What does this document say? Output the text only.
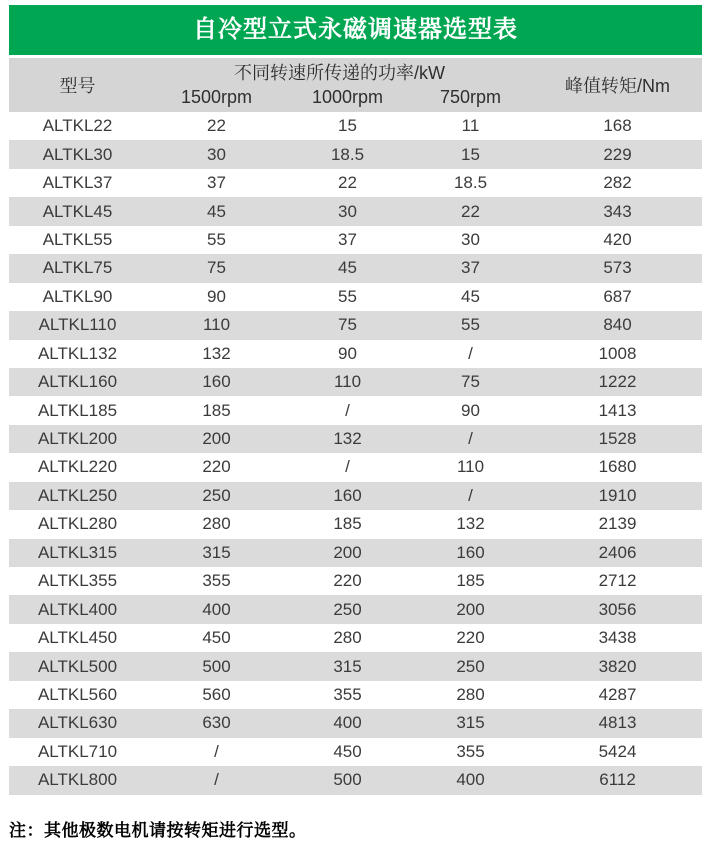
自冷型立式永磁调速器选型表
型号	不同转速所传递的功率/kW			峰值转矩/Nm
	1500rpm	1000rpm	750rpm	
ALTKL22	22	15	11	168
ALTKL30	30	18.5	15	229
ALTKL37	37	22	18.5	282
ALTKL45	45	30	22	343
ALTKL55	55	37	30	420
ALTKL75	75	45	37	573
ALTKL90	90	55	45	687
ALTKL110	110	75	55	840
ALTKL132	132	90	/	1008
ALTKL160	160	110	75	1222
ALTKL185	185	/	90	1413
ALTKL200	200	132	/	1528
ALTKL220	220	/	110	1680
ALTKL250	250	160	/	1910
ALTKL280	280	185	132	2139
ALTKL315	315	200	160	2406
ALTKL355	355	220	185	2712
ALTKL400	400	250	200	3056
ALTKL450	450	280	220	3438
ALTKL500	500	315	250	3820
ALTKL560	560	355	280	4287
ALTKL630	630	400	315	4813
ALTKL710	/	450	355	5424
ALTKL800	/	500	400	6112
注：其他极数电机请按转矩进行选型。
